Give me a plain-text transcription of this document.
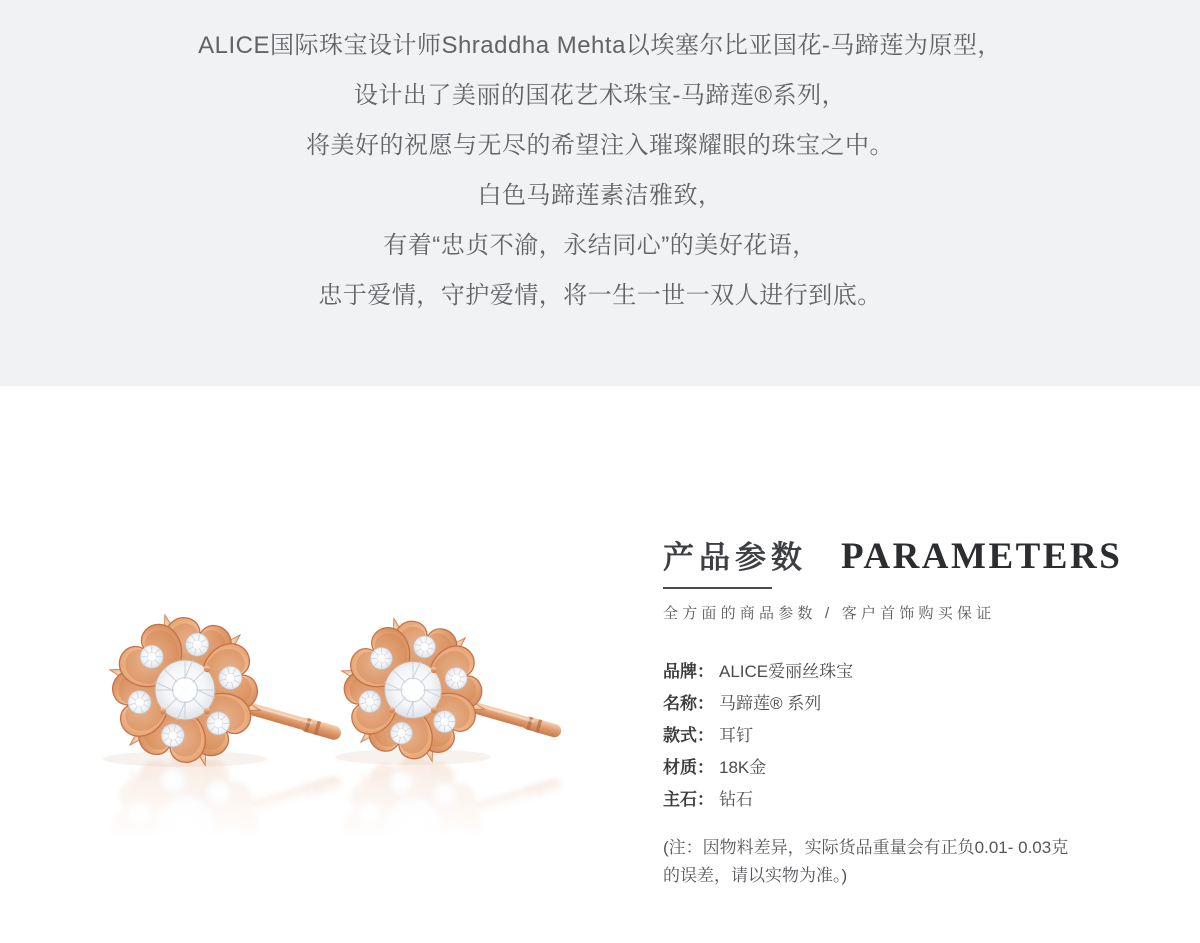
ALICE国际珠宝设计师Shraddha Mehta以埃塞尔比亚国花-马蹄莲为原型，

设计出了美丽的国花艺术珠宝-马蹄莲®系列，

将美好的祝愿与无尽的希望注入璀璨耀眼的珠宝之中。

白色马蹄莲素洁雅致，

有着“忠贞不渝，永结同心”的美好花语，

忠于爱情，守护爱情，将一生一世一双人进行到底。

产品参数 PARAMETERS
全方面的商品参数 / 客户首饰购买保证
品牌： ALICE爱丽丝珠宝
名称： 马蹄莲® 系列
款式： 耳钉
材质： 18K金
主石： 钻石
(注：因物料差异，实际货品重量会有正负0.01- 0.03克
的误差，请以实物为准。)
